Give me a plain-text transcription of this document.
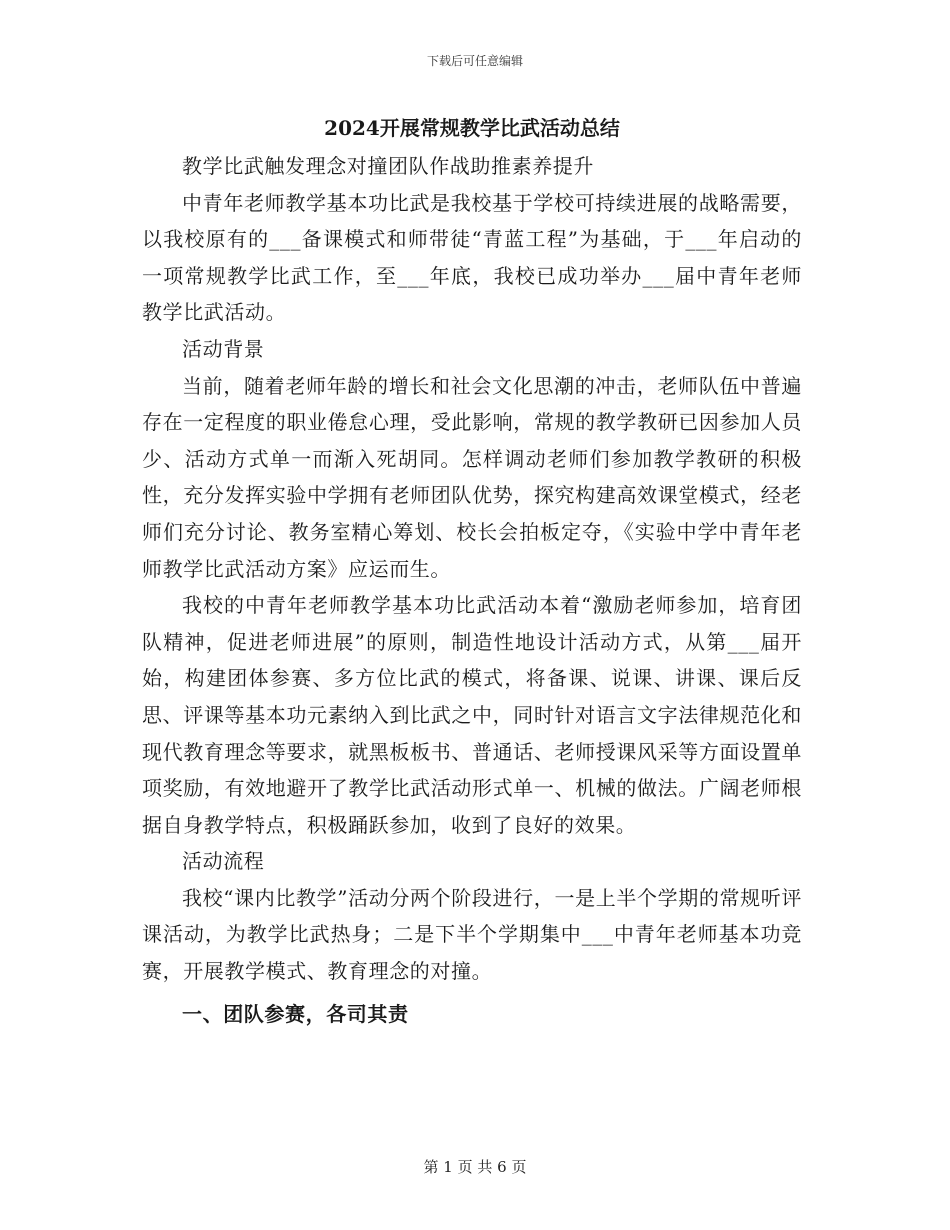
下载后可任意编辑
2024开展常规教学比武活动总结

教学比武触发理念对撞团队作战助推素养提升

中青年老师教学基本功比武是我校基于学校可持续进展的战略需要，以我校原有的___备课模式和师带徒“青蓝工程”为基础，于___年启动的一项常规教学比武工作，至___年底，我校已成功举办___届中青年老师教学比武活动。

活动背景

当前，随着老师年龄的增长和社会文化思潮的冲击，老师队伍中普遍存在一定程度的职业倦怠心理，受此影响，常规的教学教研已因参加人员少、活动方式单一而渐入死胡同。怎样调动老师们参加教学教研的积极性，充分发挥实验中学拥有老师团队优势，探究构建高效课堂模式，经老师们充分讨论、教务室精心筹划、校长会拍板定夺，《实验中学中青年老师教学比武活动方案》应运而生。

我校的中青年老师教学基本功比武活动本着“激励老师参加，培育团队精神，促进老师进展”的原则，制造性地设计活动方式，从第___届开始，构建团体参赛、多方位比武的模式，将备课、说课、讲课、课后反思、评课等基本功元素纳入到比武之中，同时针对语言文字法律规范化和现代教育理念等要求，就黑板板书、普通话、老师授课风采等方面设置单项奖励，有效地避开了教学比武活动形式单一、机械的做法。广阔老师根据自身教学特点，积极踊跃参加，收到了良好的效果。

活动流程

我校“课内比教学”活动分两个阶段进行，一是上半个学期的常规听评课活动，为教学比武热身；二是下半个学期集中___中青年老师基本功竞赛，开展教学模式、教育理念的对撞。

一、团队参赛，各司其责

第 1 页 共 6 页
